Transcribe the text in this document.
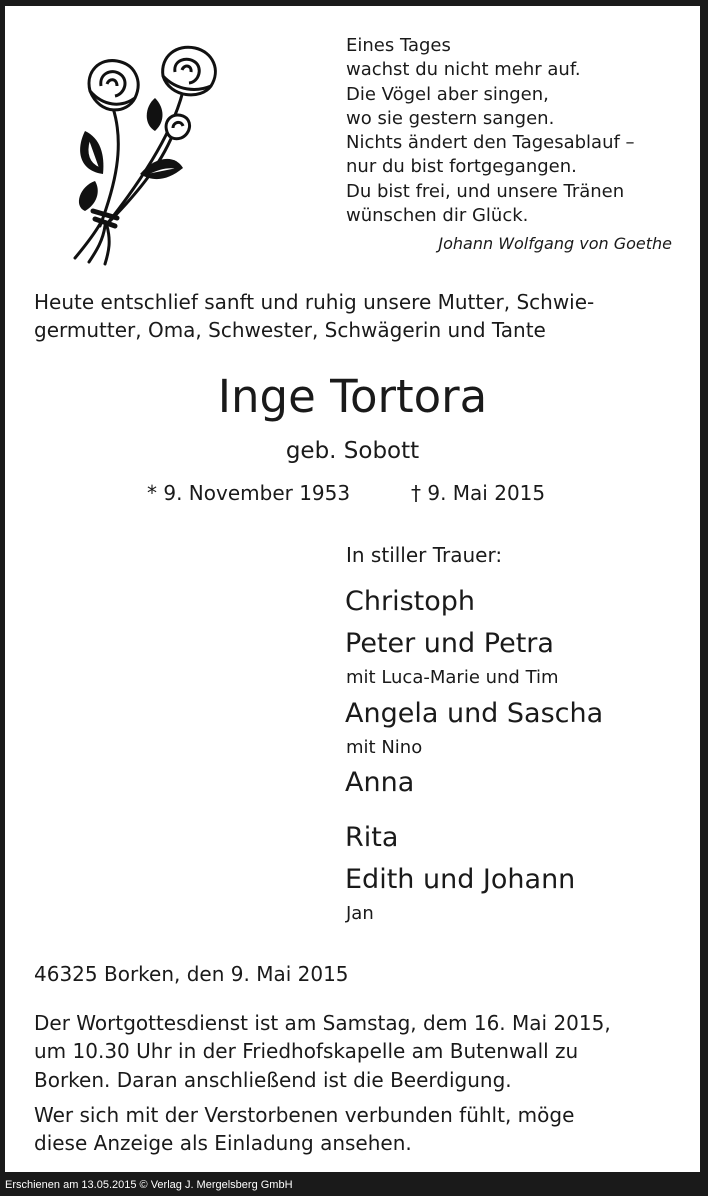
Eines Tages
wachst du nicht mehr auf.
Die Vögel aber singen,
wo sie gestern sangen.
Nichts ändert den Tagesablauf –
nur du bist fortgegangen.
Du bist frei, und unsere Tränen
wünschen dir Glück.
Johann Wolfgang von Goethe
Heute entschlief sanft und ruhig unsere Mutter, Schwie-
germutter, Oma, Schwester, Schwägerin und Tante
Inge Tortora
geb. Sobott
* 9. November 1953	† 9. Mai 2015
In stiller Trauer:
Christoph
Peter und Petra
mit Luca-Marie und Tim
Angela und Sascha
mit Nino
Anna
Rita
Edith und Johann
Jan
46325 Borken, den 9. Mai 2015
Der Wortgottesdienst ist am Samstag, dem 16. Mai 2015,
um 10.30 Uhr in der Friedhofskapelle am Butenwall zu
Borken. Daran anschließend ist die Beerdigung.
Wer sich mit der Verstorbenen verbunden fühlt, möge
diese Anzeige als Einladung ansehen.
Erschienen am 13.05.2015 © Verlag J. Mergelsberg GmbH
